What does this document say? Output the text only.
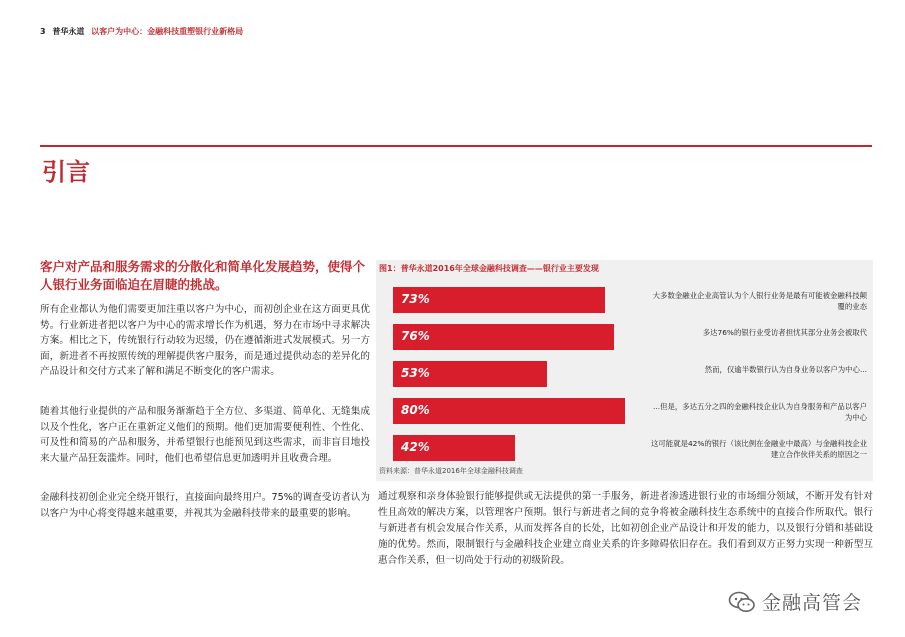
3 普华永道 以客户为中心：金融科技重塑银行业新格局
引言
客户对产品和服务需求的分散化和简单化发展趋势，使得个人银行业务面临迫在眉睫的挑战。
所有企业都认为他们需要更加注重以客户为中心，而初创企业在这方面更具优势。行业新进者把以客户为中心的需求增长作为机遇，努力在市场中寻求解决方案。相比之下，传统银行行动较为迟缓，仍在遵循渐进式发展模式。另一方面，新进者不再按照传统的理解提供客户服务，而是通过提供动态的差异化的产品设计和交付方式来了解和满足不断变化的客户需求。
随着其他行业提供的产品和服务渐渐趋于全方位、多渠道、简单化、无缝集成以及个性化，客户正在重新定义他们的预期。他们更加需要便利性、个性化、可及性和简易的产品和服务，并希望银行也能预见到这些需求，而非盲目地投来大量产品狂轰滥炸。同时，他们也希望信息更加透明并且收费合理。
金融科技初创企业完全绕开银行，直接面向最终用户。75%的调查受访者认为以客户为中心将变得越来越重要，并视其为金融科技带来的最重要的影响。
图1：普华永道2016年全球金融科技调查——银行业主要发现
73%	大多数金融业企业高管认为个人银行业务是最有可能被金融科技颠覆的业态
76%	多达76%的银行业受访者担忧其部分业务会被取代
53%	然而，仅逾半数银行认为自身业务以客户为中心...
80%	...但是，多达五分之四的金融科技企业认为自身服务和产品以客户为中心
42%	这可能就是42%的银行（该比例在金融业中最高）与金融科技企业建立合作伙伴关系的原因之一
资料来源：普华永道2016年全球金融科技调查
通过观察和亲身体验银行能够提供或无法提供的第一手服务，新进者渗透进银行业的市场细分领域，不断开发有针对性且高效的解决方案，以管理客户预期。银行与新进者之间的竞争将被金融科技生态系统中的直接合作所取代。银行与新进者有机会发展合作关系，从而发挥各自的长处，比如初创企业产品设计和开发的能力，以及银行分销和基础设施的优势。然而，限制银行与金融科技企业建立商业关系的许多障碍依旧存在。我们看到双方正努力实现一种新型互惠合作关系，但一切尚处于行动的初级阶段。
金融高管会
